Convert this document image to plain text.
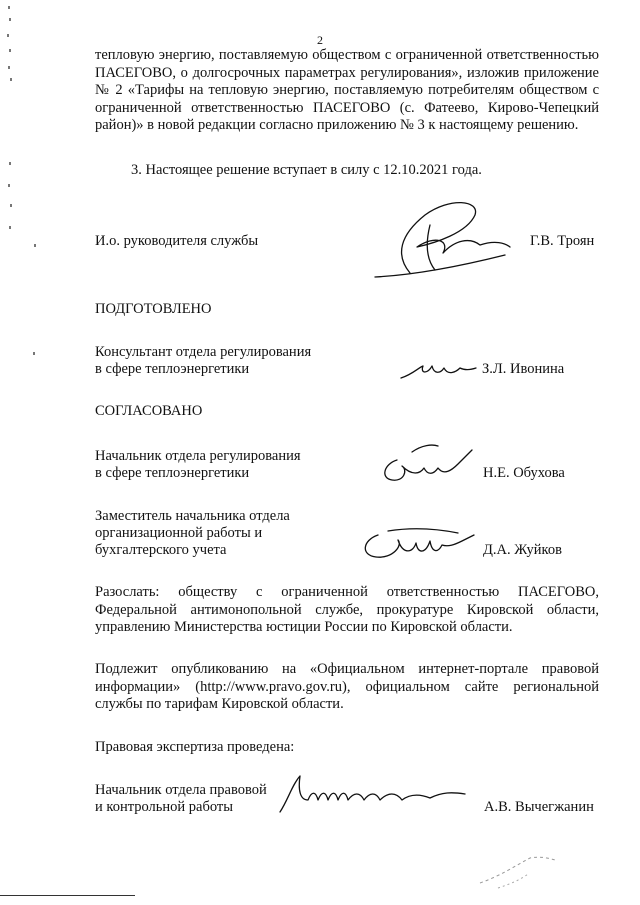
2
тепловую энергию, поставляемую обществом с ограниченной ответственностью ПАСЕГОВО, о долгосрочных параметрах регулирования», изложив приложение № 2 «Тарифы на тепловую энергию, поставляемую потребителям обществом с ограниченной ответственностью ПАСЕГОВО (с. Фатеево, Кирово-Чепецкий район)» в новой редакции согласно приложению № 3 к настоящему решению.
3. Настоящее решение вступает в силу с 12.10.2021 года.
И.о. руководителя службы	Г.В. Троян
ПОДГОТОВЛЕНО
Консультант отдела регулирования
в сфере теплоэнергетики	З.Л. Ивонина
СОГЛАСОВАНО
Начальник отдела регулирования
в сфере теплоэнергетики	Н.Е. Обухова
Заместитель начальника отдела
организационной работы и
бухгалтерского учета	Д.А. Жуйков
Разослать: обществу с ограниченной ответственностью ПАСЕГОВО, Федеральной антимонопольной службе, прокуратуре Кировской области, управлению Министерства юстиции России по Кировской области.
Подлежит опубликованию на «Официальном интернет-портале правовой информации» (http://www.pravo.gov.ru), официальном сайте региональной службы по тарифам Кировской области.
Правовая экспертиза проведена:
Начальник отдела правовой
и контрольной работы	А.В. Вычегжанин
